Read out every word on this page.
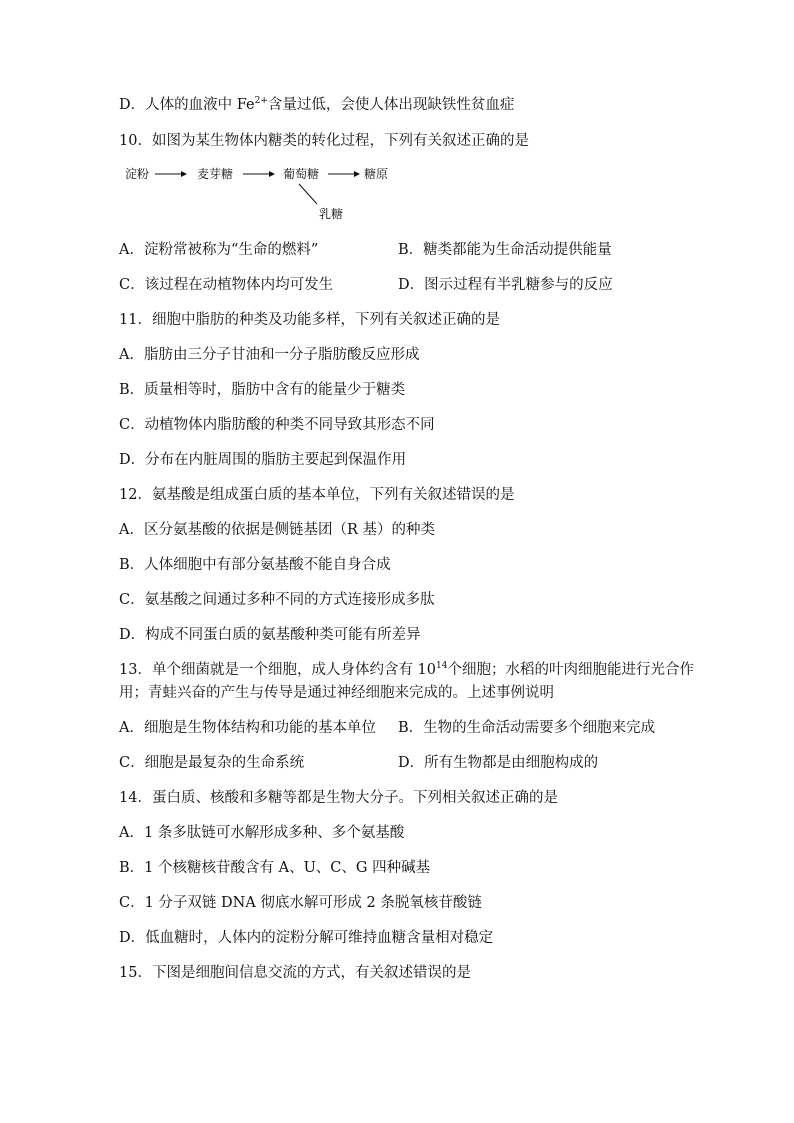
D．人体的血液中 $Fe^{2+}$含量过低，会使人体出现缺铁性贫血症
10．如图为某生物体内糖类的转化过程，下列有关叙述正确的是
淀粉	麦芽糖	葡萄糖	糖原
乳糖
A．淀粉常被称为“生命的燃料”	B．糖类都能为生命活动提供能量
C．该过程在动植物体内均可发生	D．图示过程有半乳糖参与的反应
11．细胞中脂肪的种类及功能多样，下列有关叙述正确的是
A．脂肪由三分子甘油和一分子脂肪酸反应形成
B．质量相等时，脂肪中含有的能量少于糖类
C．动植物体内脂肪酸的种类不同导致其形态不同
D．分布在内脏周围的脂肪主要起到保温作用
12．氨基酸是组成蛋白质的基本单位，下列有关叙述错误的是
A．区分氨基酸的依据是侧链基团（R 基）的种类
B．人体细胞中有部分氨基酸不能自身合成
C．氨基酸之间通过多种不同的方式连接形成多肽
D．构成不同蛋白质的氨基酸种类可能有所差异
13．单个细菌就是一个细胞，成人身体约含有 $10^{14}$个细胞；水稻的叶肉细胞能进行光合作
用；青蛙兴奋的产生与传导是通过神经细胞来完成的。上述事例说明
A．细胞是生物体结构和功能的基本单位 B．生物的生命活动需要多个细胞来完成
C．细胞是最复杂的生命系统	D．所有生物都是由细胞构成的
14．蛋白质、核酸和多糖等都是生物大分子。下列相关叙述正确的是
A．1 条多肽链可水解形成多种、多个氨基酸
B．1 个核糖核苷酸含有 A、U、C、G 四种碱基
C．1 分子双链 DNA 彻底水解可形成 2 条脱氧核苷酸链
D．低血糖时，人体内的淀粉分解可维持血糖含量相对稳定
15．下图是细胞间信息交流的方式，有关叙述错误的是
